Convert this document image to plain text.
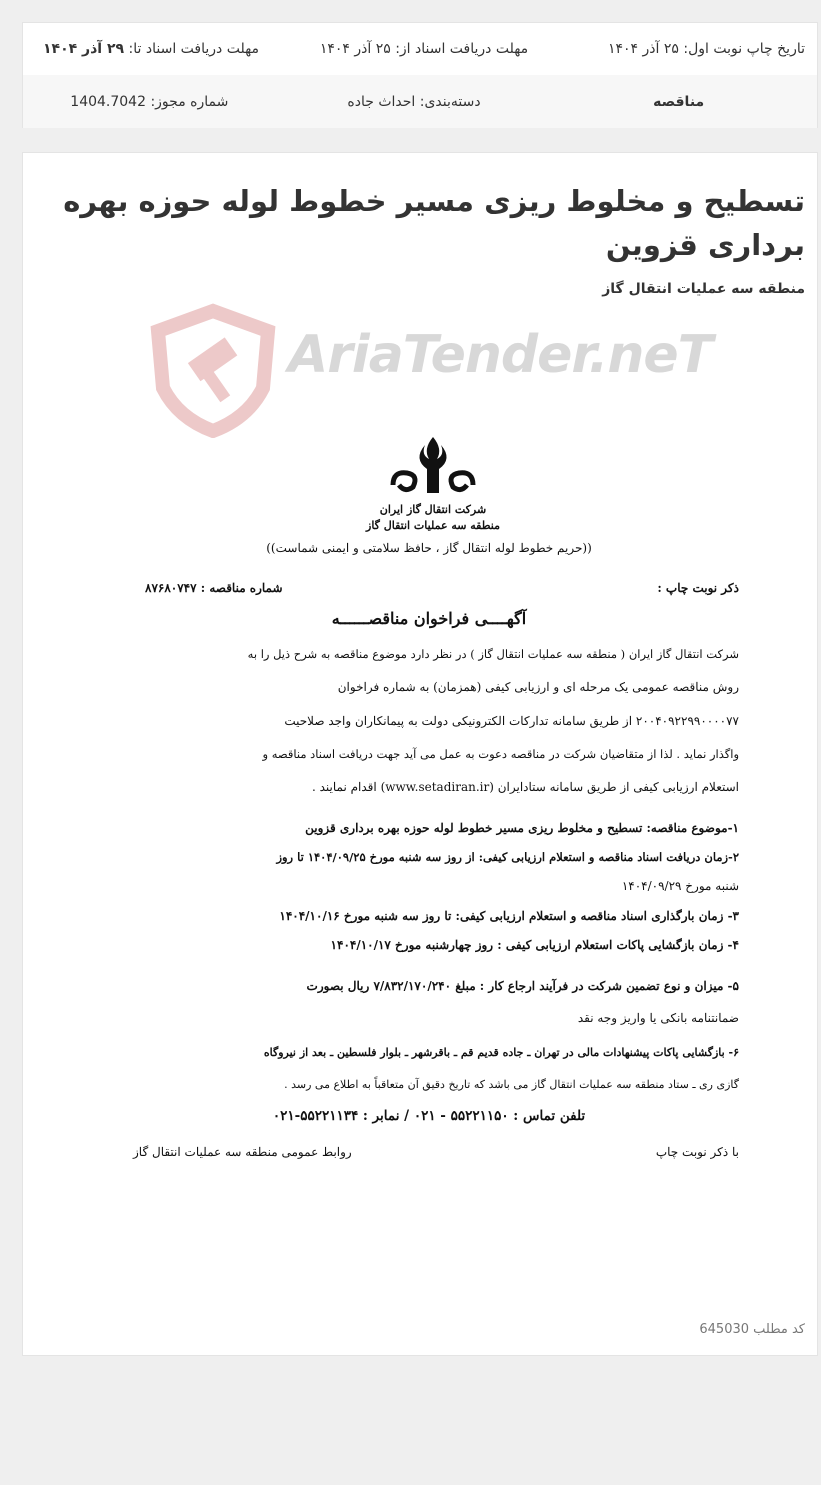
تاریخ چاپ نوبت اول: ۲۵ آذر ۱۴۰۴
مهلت دریافت اسناد از: ۲۵ آذر ۱۴۰۴
مهلت دریافت اسناد تا: ۲۹ آذر ۱۴۰۴
مناقصه
دسته‌بندی: احداث جاده
شماره مجوز: 1404.7042
تسطیح و مخلوط ریزی مسیر خطوط لوله حوزه بهره برداری قزوین
منطقه سه عملیات انتقال گاز
AriaTender.neT
شرکت انتقال گاز ایران
منطقه سه عملیات انتقال گاز
((حریم خطوط لوله انتقال گاز ، حافظ سلامتی و ایمنی شماست))
ذکر نوبت چاپ :
شماره مناقصه : ۸۷۶۸۰۷۴۷
آگهــــی فراخوان مناقصــــــه
شرکت انتقال گاز ایران ( منطقه سه عملیات انتقال گاز ) در نظر دارد موضوع مناقصه به شرح ذیل را به
روش مناقصه عمومی یک مرحله ای و ارزیابی کیفی (همزمان) به شماره فراخوان
۲۰۰۴۰۹۲۲۹۹۰۰۰۰۷۷ از طریق سامانه تدارکات الکترونیکی دولت به پیمانکاران واجد صلاحیت
واگذار نماید . لذا از متقاضیان شرکت در مناقصه دعوت به عمل می آید جهت دریافت اسناد مناقصه و
استعلام ارزیابی کیفی از طریق سامانه ستادایران (www.setadiran.ir) اقدام نمایند .
۱-موضوع مناقصه: تسطیح و مخلوط ریزی مسیر خطوط لوله حوزه بهره برداری قزوین
۲-زمان دریافت اسناد مناقصه و استعلام ارزیابی کیفی: از روز سه شنبه مورخ ۱۴۰۴/۰۹/۲۵ تا روز
شنبه مورخ ۱۴۰۴/۰۹/۲۹
۳- زمان بارگذاری اسناد مناقصه و استعلام ارزیابی کیفی: تا روز سه شنبه مورخ ۱۴۰۴/۱۰/۱۶
۴- زمان بازگشایی پاکات استعلام ارزیابی کیفی : روز چهارشنبه مورخ ۱۴۰۴/۱۰/۱۷
۵- میزان و نوع تضمین شرکت در فرآیند ارجاع کار : مبلغ ۷/۸۳۲/۱۷۰/۲۴۰ ریال بصورت
ضمانتنامه بانکی یا واریز وجه نقد
۶- بازگشایی پاکات پیشنهادات مالی در تهران ـ جاده قدیم قم ـ باقرشهر ـ بلوار فلسطین ـ بعد از نیروگاه
گازی ری ـ ستاد منطقه سه عملیات انتقال گاز می باشد که تاریخ دقیق آن متعاقباً به اطلاع می رسد .
تلفن تماس : ۵۵۲۲۱۱۵۰ - ۰۲۱ / نمابر : ۵۵۲۲۱۱۳۴-۰۲۱
با ذکر نوبت چاپ
روابط عمومی منطقه سه عملیات انتقال گاز
کد مطلب 645030
